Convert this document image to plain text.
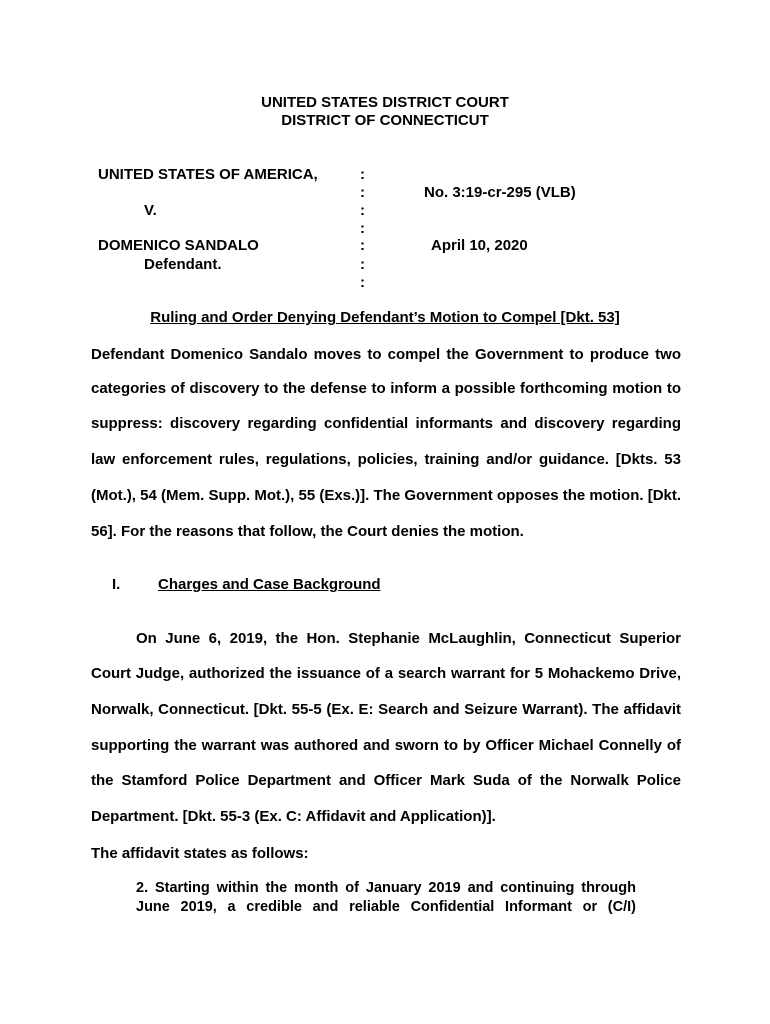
UNITED STATES DISTRICT COURT
DISTRICT OF CONNECTICUT
UNITED STATES OF AMERICA,
V.
DOMENICO SANDALO
Defendant.
:
:
:
:
:
:
:
No. 3:19-cr-295 (VLB)
April 10, 2020
Ruling and Order Denying Defendant’s Motion to Compel [Dkt. 53]
Defendant Domenico Sandalo moves to compel the Government to produce two
categories of discovery to the defense to inform a possible forthcoming motion to
suppress: discovery regarding confidential informants and discovery regarding
law enforcement rules, regulations, policies, training and/or guidance. [Dkts. 53
(Mot.), 54 (Mem. Supp. Mot.), 55 (Exs.)]. The Government opposes the motion. [Dkt.
56]. For the reasons that follow, the Court denies the motion.
I.	Charges and Case Background
On June 6, 2019, the Hon. Stephanie McLaughlin, Connecticut Superior
Court Judge, authorized the issuance of a search warrant for 5 Mohackemo Drive,
Norwalk, Connecticut. [Dkt. 55-5 (Ex. E: Search and Seizure Warrant). The affidavit
supporting the warrant was authored and sworn to by Officer Michael Connelly of
the Stamford Police Department and Officer Mark Suda of the Norwalk Police
Department. [Dkt. 55-3 (Ex. C: Affidavit and Application)].
The affidavit states as follows:
2. Starting within the month of January 2019 and continuing through
June 2019, a credible and reliable Confidential Informant or (C/I)
